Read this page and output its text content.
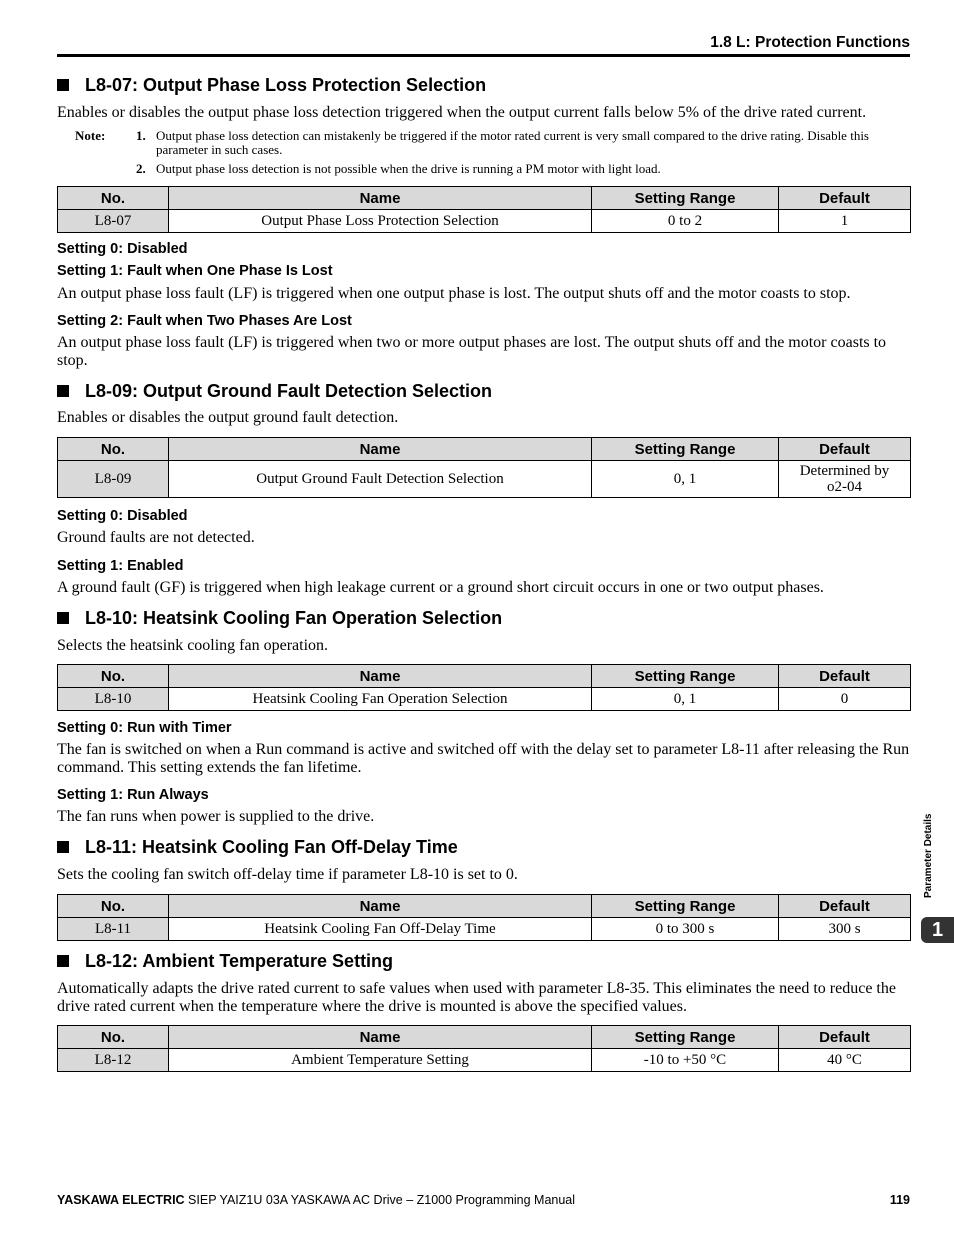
1.8 L: Protection Functions
L8-07: Output Phase Loss Protection Selection
Enables or disables the output phase loss detection triggered when the output current falls below 5% of the drive rated current.
Note:	1. Output phase loss detection can mistakenly be triggered if the motor rated current is very small compared to the drive rating. Disable this parameter in such cases.
2. Output phase loss detection is not possible when the drive is running a PM motor with light load.
No.	Name	Setting Range	Default
L8-07	Output Phase Loss Protection Selection	0 to 2	1
Setting 0: Disabled
Setting 1: Fault when One Phase Is Lost
An output phase loss fault (LF) is triggered when one output phase is lost. The output shuts off and the motor coasts to stop.
Setting 2: Fault when Two Phases Are Lost
An output phase loss fault (LF) is triggered when two or more output phases are lost. The output shuts off and the motor coasts to stop.
L8-09: Output Ground Fault Detection Selection
Enables or disables the output ground fault detection.
No.	Name	Setting Range	Default
L8-09	Output Ground Fault Detection Selection	0, 1	Determined by o2-04
Setting 0: Disabled
Ground faults are not detected.
Setting 1: Enabled
A ground fault (GF) is triggered when high leakage current or a ground short circuit occurs in one or two output phases.
L8-10: Heatsink Cooling Fan Operation Selection
Selects the heatsink cooling fan operation.
No.	Name	Setting Range	Default
L8-10	Heatsink Cooling Fan Operation Selection	0, 1	0
Setting 0: Run with Timer
The fan is switched on when a Run command is active and switched off with the delay set to parameter L8-11 after releasing the Run command. This setting extends the fan lifetime.
Setting 1: Run Always
The fan runs when power is supplied to the drive.
L8-11: Heatsink Cooling Fan Off-Delay Time
Sets the cooling fan switch off-delay time if parameter L8-10 is set to 0.
No.	Name	Setting Range	Default
L8-11	Heatsink Cooling Fan Off-Delay Time	0 to 300 s	300 s
L8-12: Ambient Temperature Setting
Automatically adapts the drive rated current to safe values when used with parameter L8-35. This eliminates the need to reduce the drive rated current when the temperature where the drive is mounted is above the specified values.
No.	Name	Setting Range	Default
L8-12	Ambient Temperature Setting	-10 to +50 °C	40 °C
Parameter Details
1
YASKAWA ELECTRIC SIEP YAIZ1U 03A YASKAWA AC Drive – Z1000 Programming Manual	119
